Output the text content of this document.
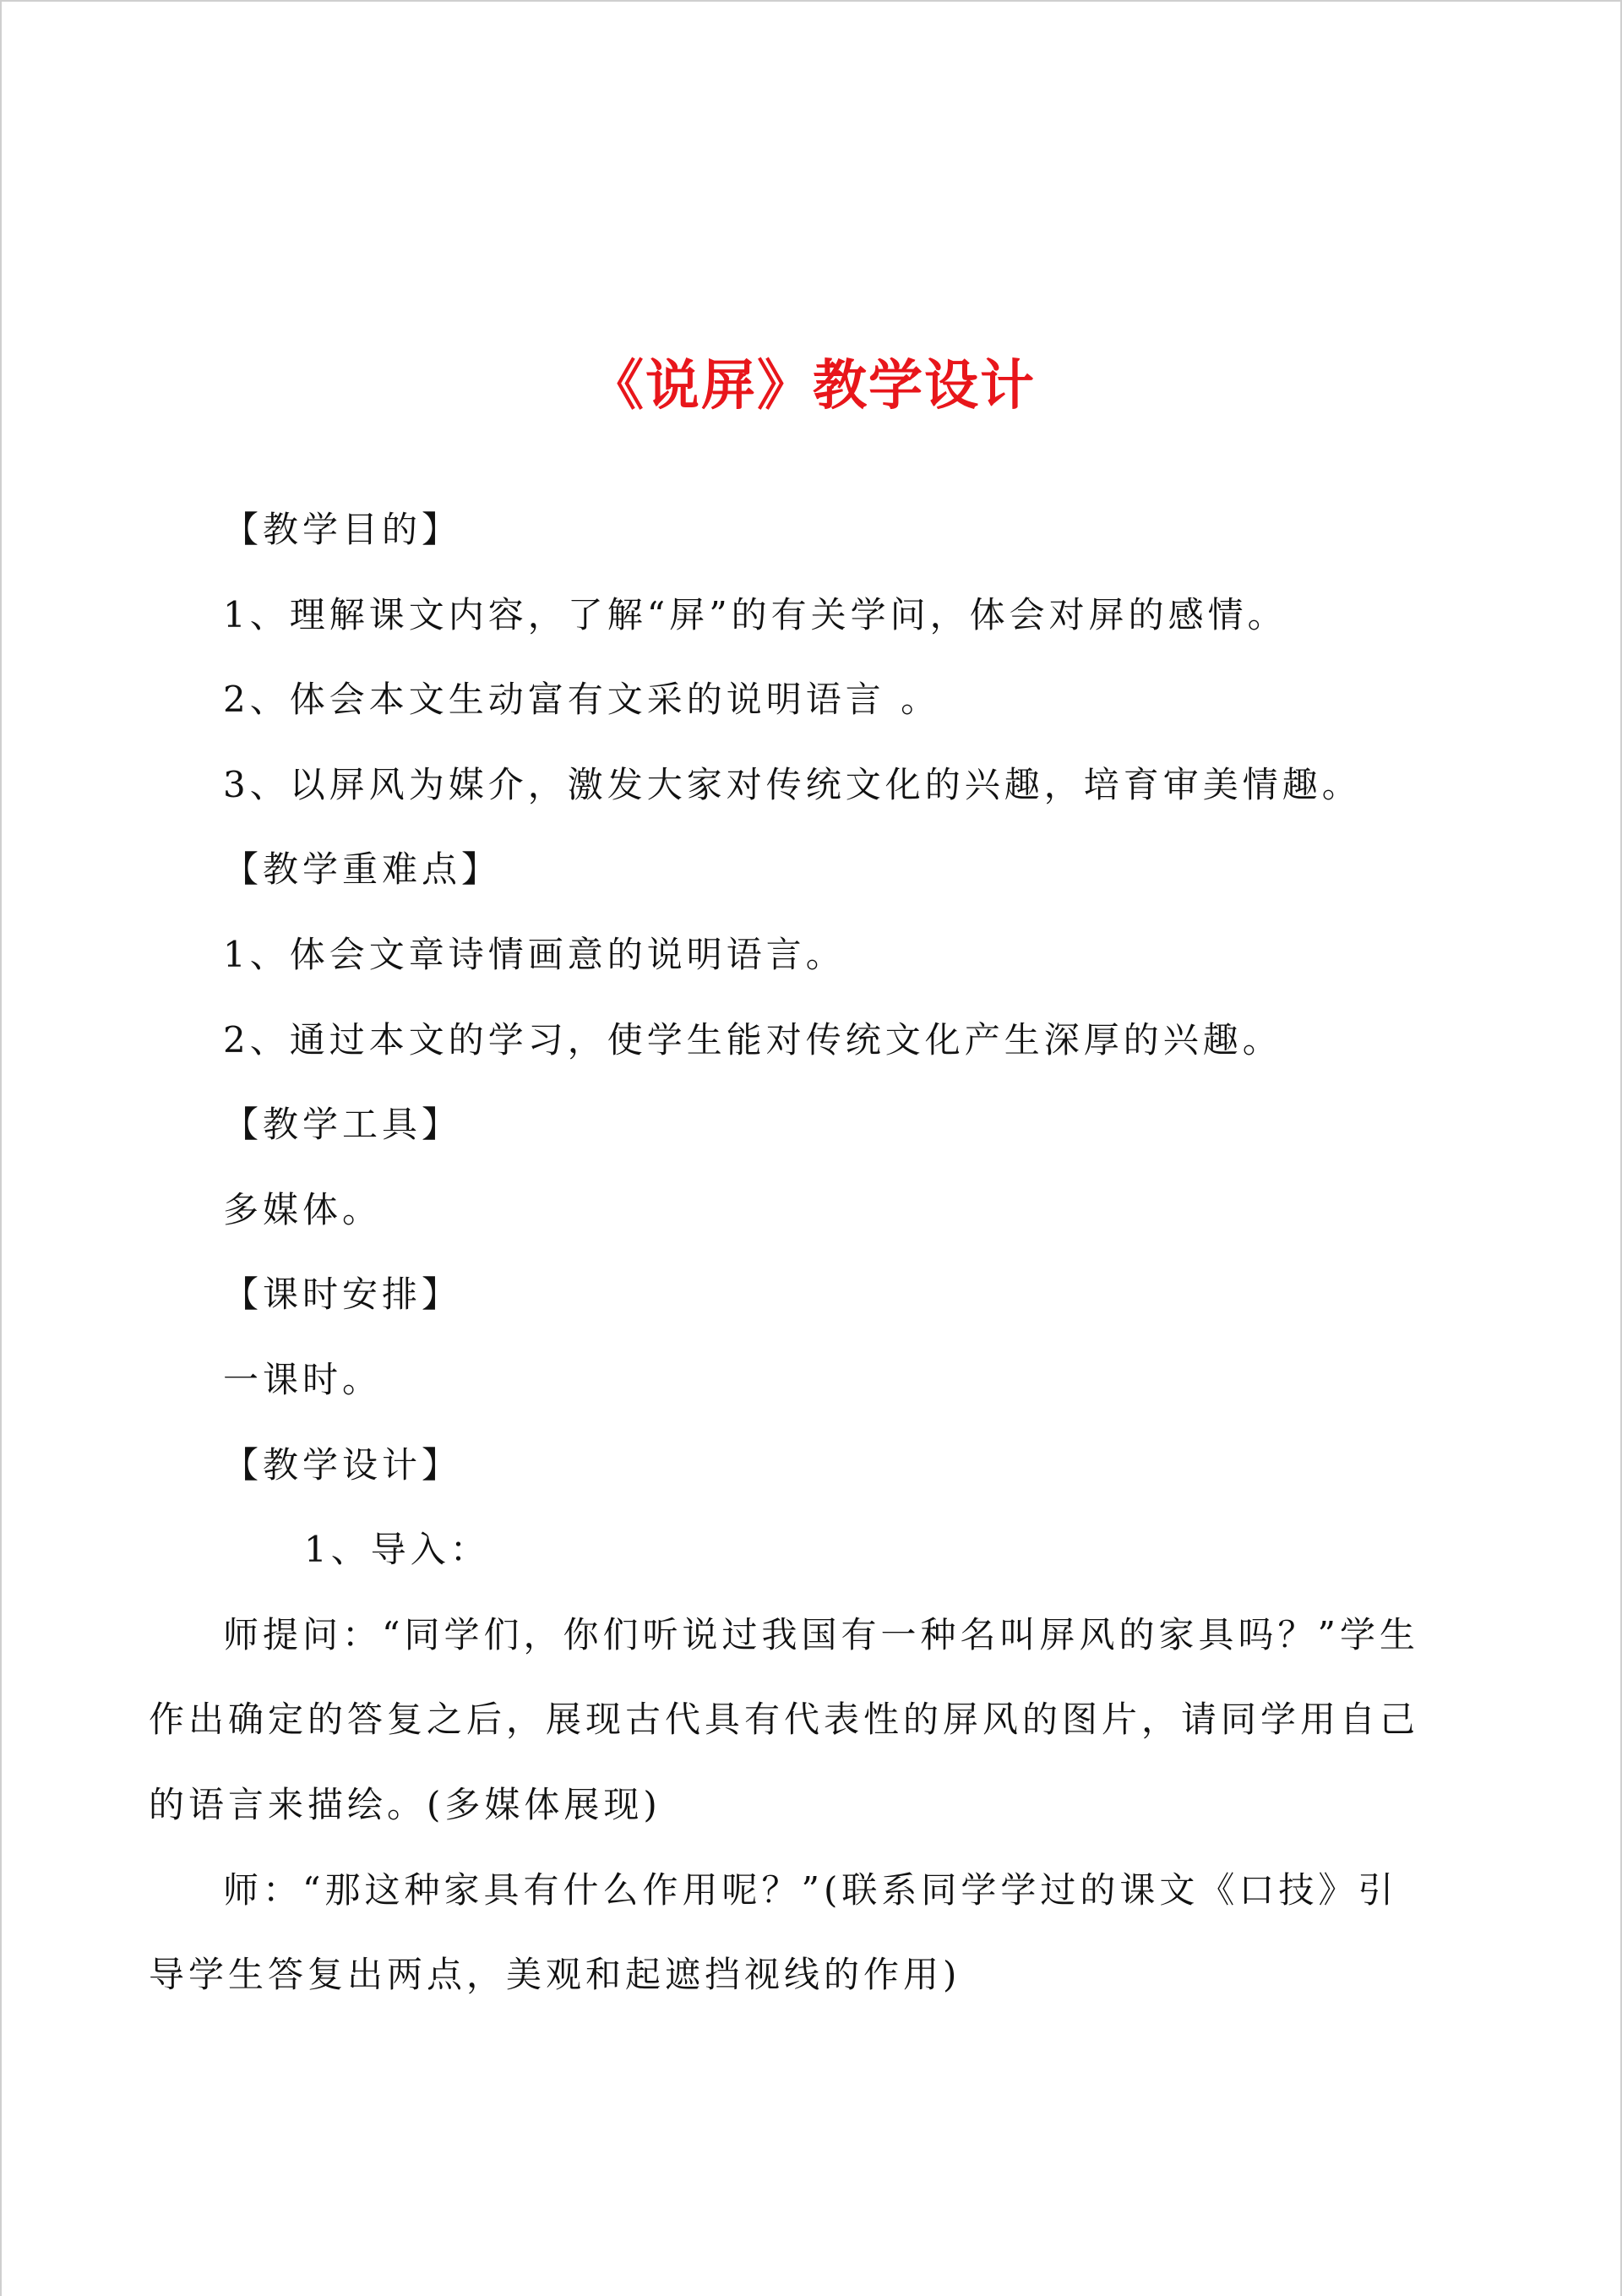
《说屏》教学设计
【教学目的】
1、理解课文内容，了解“屏”的有关学问，体会对屏的感情。
2、体会本文生动富有文采的说明语言 。
3、以屏风为媒介，激发大家对传统文化的兴趣，培育审美情趣。
【教学重难点】
1、体会文章诗情画意的说明语言。
2、通过本文的学习，使学生能对传统文化产生深厚的兴趣。
【教学工具】
多媒体。
【课时安排】
一课时。
【教学设计】
1、导入：

师提问：“同学们，你们听说过我国有一种名叫屏风的家具吗？”学生作出确定的答复之后，展现古代具有代表性的屏风的图片，请同学用自己的语言来描绘。(多媒体展现)

师：“那这种家具有什么作用呢？”(联系同学学过的课文《口技》引导学生答复出两点，美观和起遮挡视线的作用)
